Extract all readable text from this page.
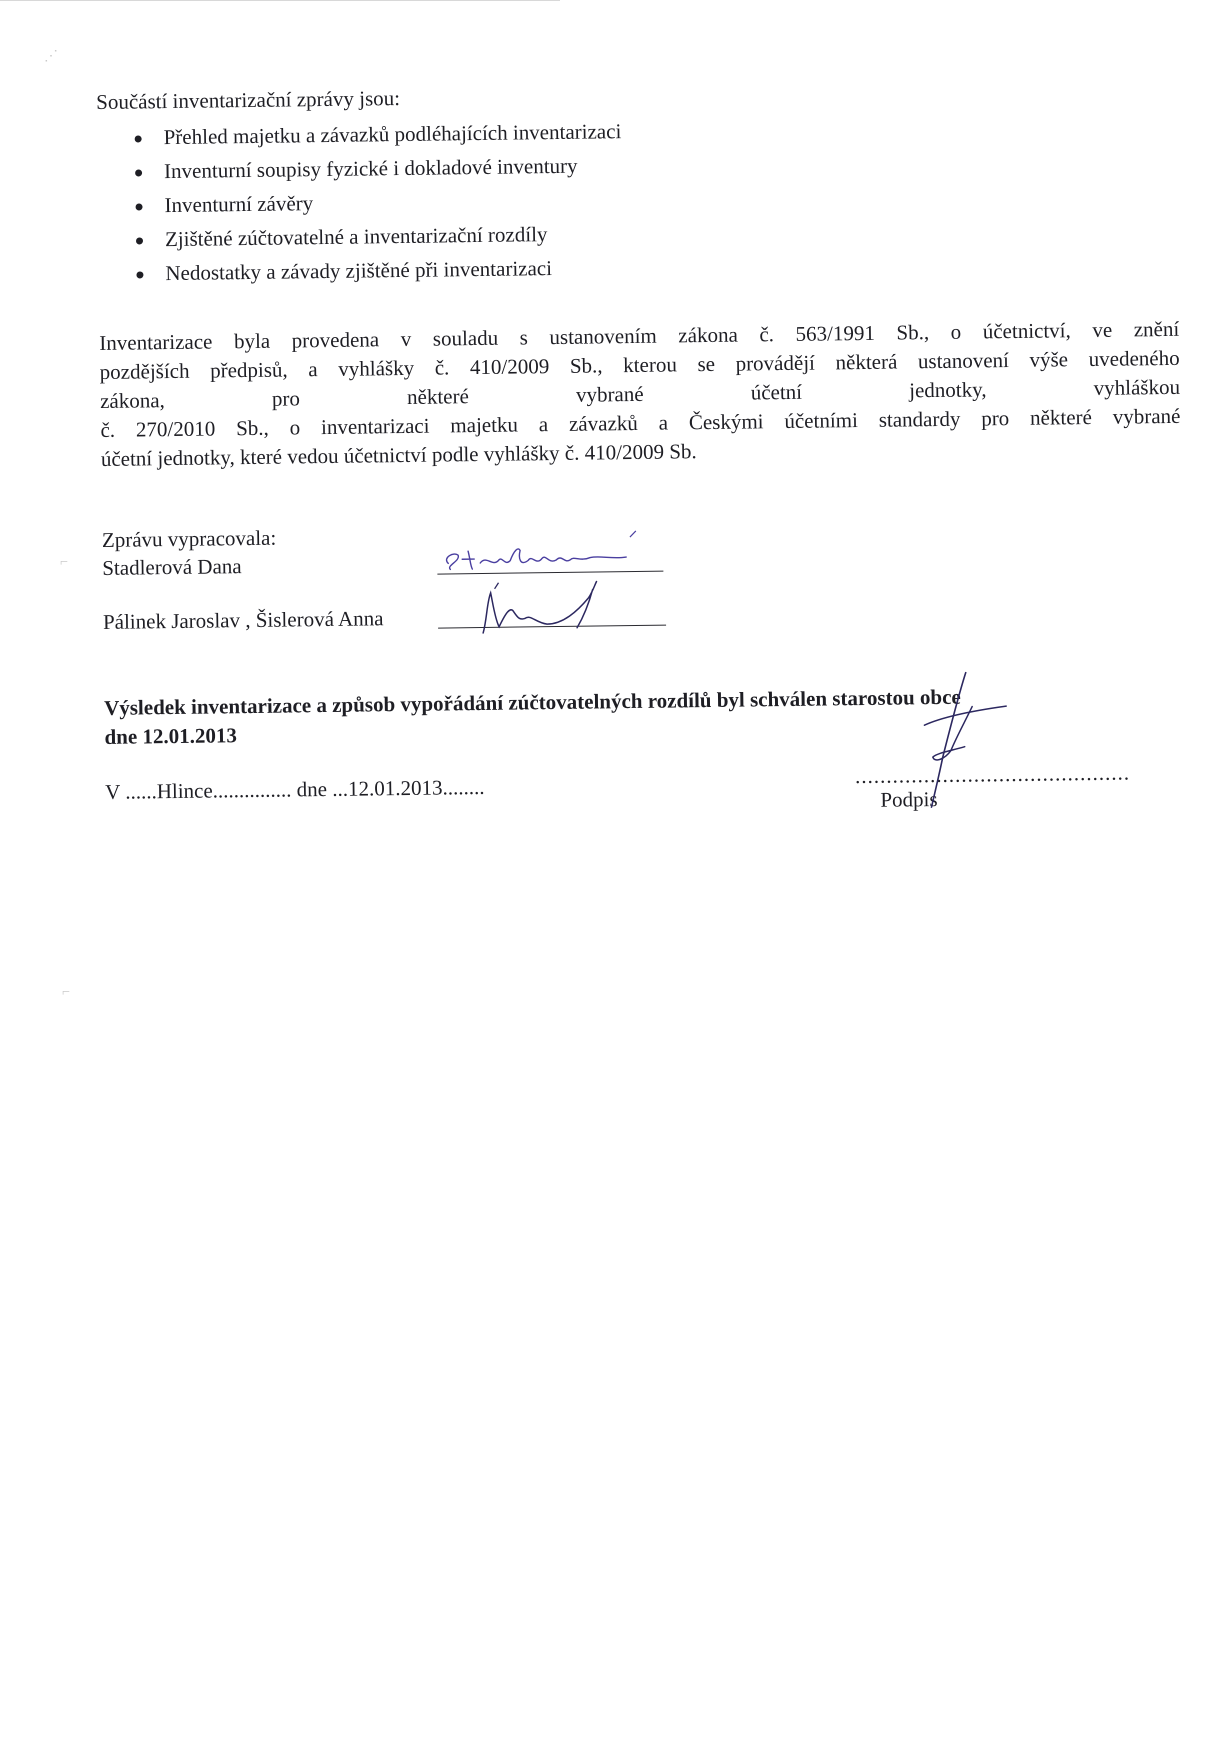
⋰

Součástí inventarizační zprávy jsou:

Přehled majetku a závazků podléhajících inventarizaci
Inventurní soupisy fyzické i dokladové inventury
Inventurní závěry
Zjištěné zúčtovatelné a inventarizační rozdíly
Nedostatky a závady zjištěné při inventarizaci

Inventarizace byla provedena v souladu s ustanovením zákona č. 563/1991 Sb., o účetnictví, ve znění
pozdějších předpisů, a vyhlášky č. 410/2009 Sb., kterou se provádějí některá ustanovení výše uvedeného
zákona, pro některé vybrané účetní jednotky, vyhláškou
č. 270/2010 Sb., o inventarizaci majetku a závazků a Českými účetními standardy pro některé vybrané
účetní jednotky, které vedou účetnictví podle vyhlášky č. 410/2009 Sb.

Zprávu vypracovala:
Stadlerová Dana
Pálinek Jaroslav , Šislerová Anna

Výsledek inventarizace a způsob vypořádání zúčtovatelných rozdílů byl schválen starostou obce
dne 12.01.2013

V ......Hlince............... dne ...12.01.2013........
............................................
Podpis
⌐
⌐
